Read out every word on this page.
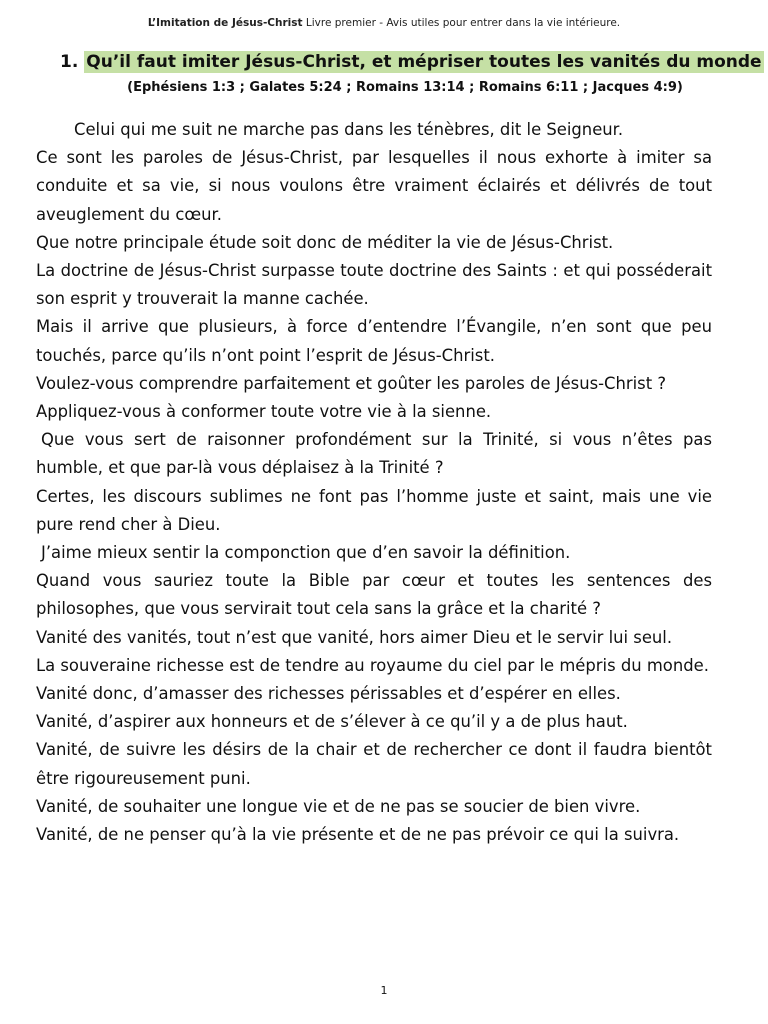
L’Imitation de Jésus-Christ Livre premier - Avis utiles pour entrer dans la vie intérieure.
1. Qu’il faut imiter Jésus-Christ, et mépriser toutes les vanités du monde
(Ephésiens 1:3 ; Galates 5:24 ; Romains 13:14 ; Romains 6:11 ; Jacques 4:9)

Celui qui me suit ne marche pas dans les ténèbres, dit le Seigneur.

Ce sont les paroles de Jésus-Christ, par lesquelles il nous exhorte à imiter sa conduite et sa vie, si nous voulons être vraiment éclairés et délivrés de tout aveuglement du cœur.

Que notre principale étude soit donc de méditer la vie de Jésus-Christ.

La doctrine de Jésus-Christ surpasse toute doctrine des Saints : et qui posséderait son esprit y trouverait la manne cachée.

Mais il arrive que plusieurs, à force d’entendre l’Évangile, n’en sont que peu touchés, parce qu’ils n’ont point l’esprit de Jésus-Christ.

Voulez-vous comprendre parfaitement et goûter les paroles de Jésus-Christ ?

Appliquez-vous à conformer toute votre vie à la sienne.

Que vous sert de raisonner profondément sur la Trinité, si vous n’êtes pas humble, et que par-là vous déplaisez à la Trinité ?

Certes, les discours sublimes ne font pas l’homme juste et saint, mais une vie pure rend cher à Dieu.

J’aime mieux sentir la componction que d’en savoir la définition.

Quand vous sauriez toute la Bible par cœur et toutes les sentences des philosophes, que vous servirait tout cela sans la grâce et la charité ?

Vanité des vanités, tout n’est que vanité, hors aimer Dieu et le servir lui seul.

La souveraine richesse est de tendre au royaume du ciel par le mépris du monde.

Vanité donc, d’amasser des richesses périssables et d’espérer en elles.

Vanité, d’aspirer aux honneurs et de s’élever à ce qu’il y a de plus haut.

Vanité, de suivre les désirs de la chair et de rechercher ce dont il faudra bientôt être rigoureusement puni.

Vanité, de souhaiter une longue vie et de ne pas se soucier de bien vivre.

Vanité, de ne penser qu’à la vie présente et de ne pas prévoir ce qui la suivra.

1
